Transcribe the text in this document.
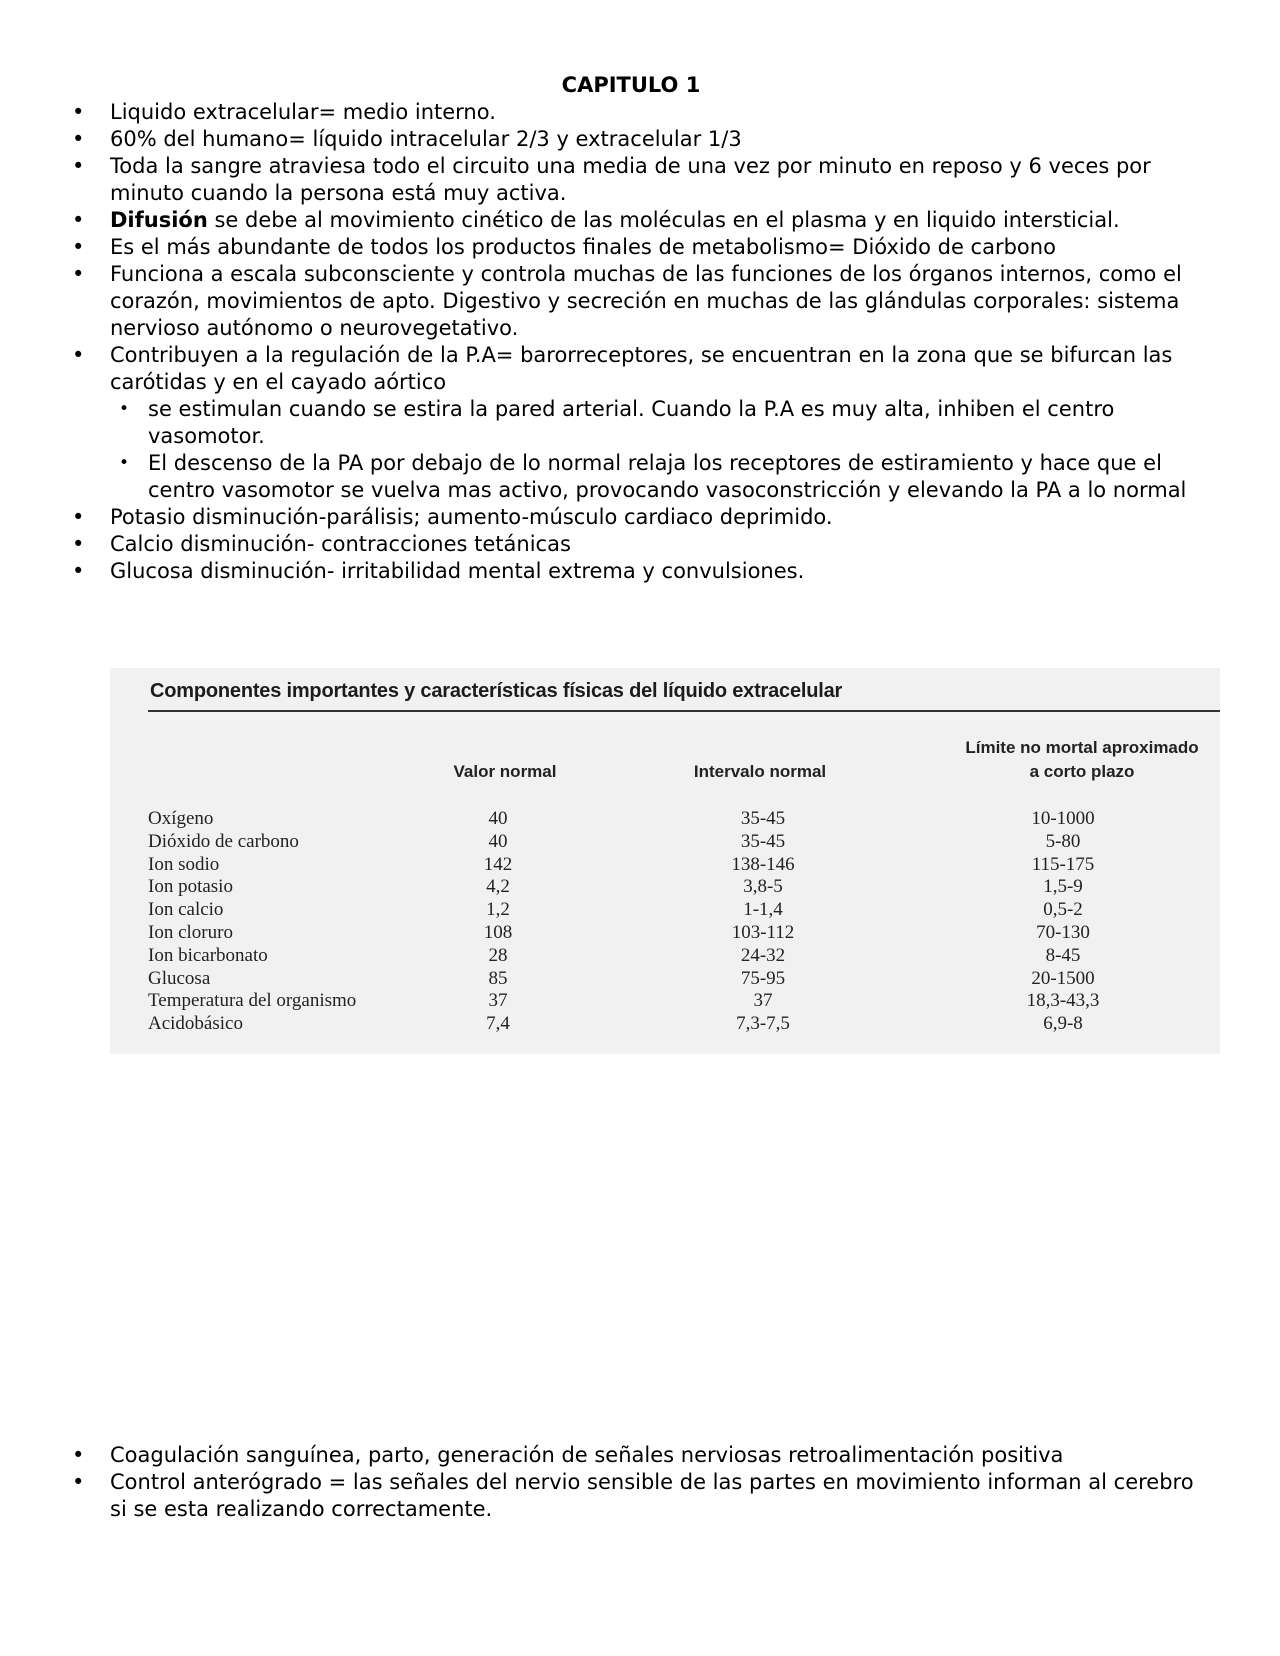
CAPITULO 1
• Liquido extracelular= medio interno.
• 60% del humano= líquido intracelular 2/3 y extracelular 1/3
• Toda la sangre atraviesa todo el circuito una media de una vez por minuto en reposo y 6 veces por minuto cuando la persona está muy activa.
• Difusión se debe al movimiento cinético de las moléculas en el plasma y en liquido intersticial.
• Es el más abundante de todos los productos finales de metabolismo= Dióxido de carbono
• Funciona a escala subconsciente y controla muchas de las funciones de los órganos internos, como el corazón, movimientos de apto. Digestivo y secreción en muchas de las glándulas corporales: sistema nervioso autónomo o neurovegetativo.
• Contribuyen a la regulación de la P.A= barorreceptores, se encuentran en la zona que se bifurcan las carótidas y en el cayado aórtico
• se estimulan cuando se estira la pared arterial. Cuando la P.A es muy alta, inhiben el centro vasomotor.
• El descenso de la PA por debajo de lo normal relaja los receptores de estiramiento y hace que el centro vasomotor se vuelva mas activo, provocando vasoconstricción y elevando la PA a lo normal
• Potasio disminución-parálisis; aumento-músculo cardiaco deprimido.
• Calcio disminución- contracciones tetánicas
• Glucosa disminución- irritabilidad mental extrema y convulsiones.
Componentes importantes y características físicas del líquido extracelular
Valor normal	Intervalo normal
Límite no mortal aproximado
a corto plazo
Oxígeno	40		35-45		10-1000
Dióxido de carbono	40		35-45		5-80
Ion sodio	142		138-146		115-175
Ion potasio	4,2		3,8-5		1,5-9
Ion calcio	1,2		1-1,4		0,5-2
Ion cloruro	108		103-112		70-130
Ion bicarbonato	28		24-32		8-45
Glucosa	85		75-95		20-1500
Temperatura del organismo	37		37		18,3-43,3
Acidobásico	7,4		7,3-7,5		6,9-8
• Coagulación sanguínea, parto, generación de señales nerviosas retroalimentación positiva
• Control anterógrado = las señales del nervio sensible de las partes en movimiento informan al cerebro si se esta realizando correctamente.
